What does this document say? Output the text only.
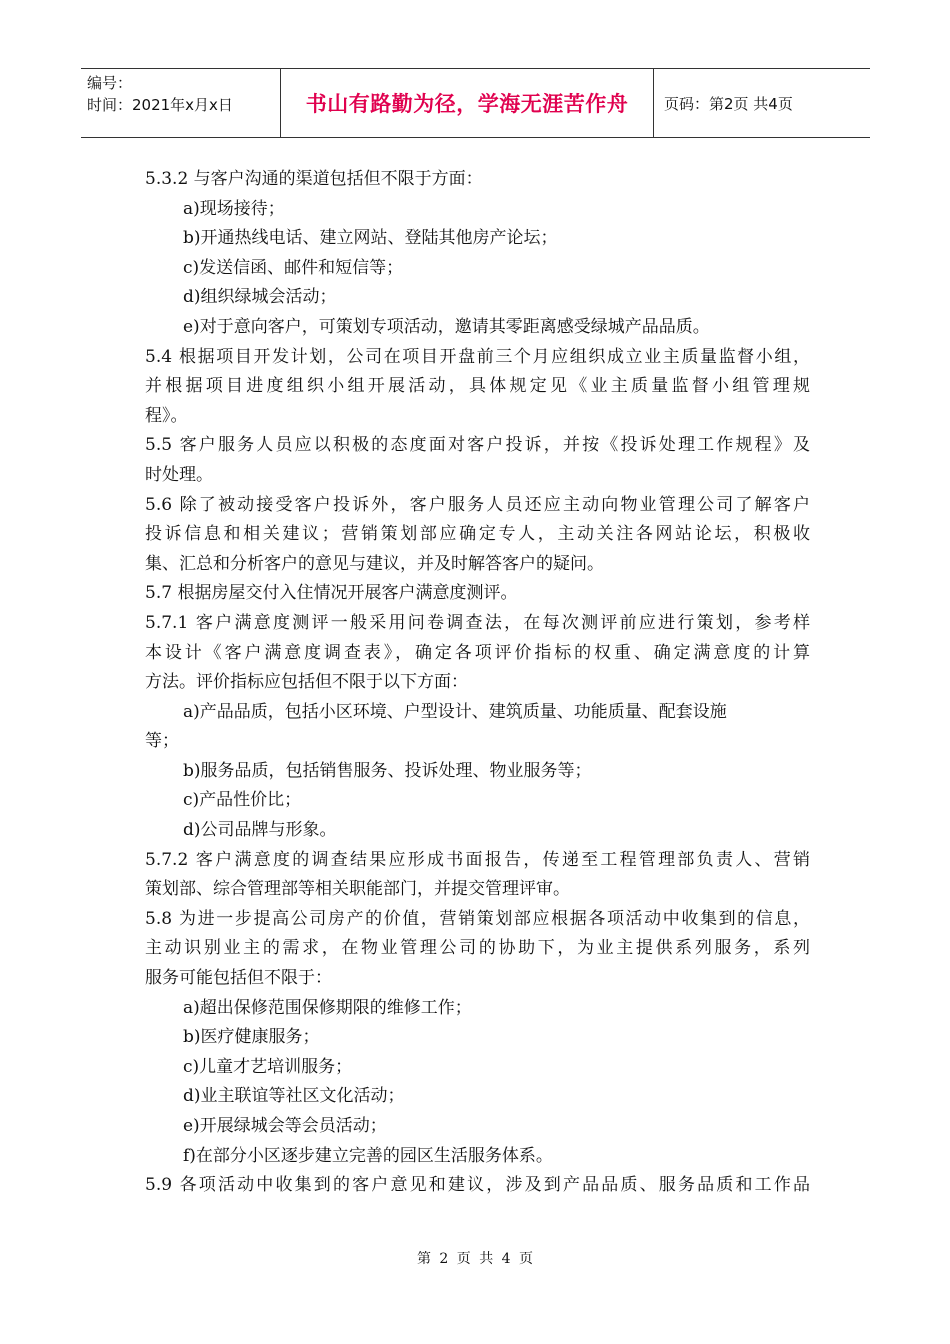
编号：
时间：2021年x月x日	书山有路勤为径，学海无涯苦作舟	页码：第2页 共4页
5.3.2 与客户沟通的渠道包括但不限于方面：
a)现场接待；
b)开通热线电话、建立网站、登陆其他房产论坛；
c)发送信函、邮件和短信等；
d)组织绿城会活动；
e)对于意向客户，可策划专项活动，邀请其零距离感受绿城产品品质。
5.4 根据项目开发计划，公司在项目开盘前三个月应组织成立业主质量监督小组，
并根据项目进度组织小组开展活动，具体规定见《业主质量监督小组管理规
程》。
5.5 客户服务人员应以积极的态度面对客户投诉，并按《投诉处理工作规程》及
时处理。
5.6 除了被动接受客户投诉外，客户服务人员还应主动向物业管理公司了解客户
投诉信息和相关建议；营销策划部应确定专人，主动关注各网站论坛，积极收
集、汇总和分析客户的意见与建议，并及时解答客户的疑问。
5.7 根据房屋交付入住情况开展客户满意度测评。
5.7.1 客户满意度测评一般采用问卷调查法，在每次测评前应进行策划，参考样
本设计《客户满意度调查表》，确定各项评价指标的权重、确定满意度的计算
方法。评价指标应包括但不限于以下方面：
a)产品品质，包括小区环境、户型设计、建筑质量、功能质量、配套设施
等；
b)服务品质，包括销售服务、投诉处理、物业服务等；
c)产品性价比；
d)公司品牌与形象。
5.7.2 客户满意度的调查结果应形成书面报告，传递至工程管理部负责人、营销
策划部、综合管理部等相关职能部门，并提交管理评审。
5.8 为进一步提高公司房产的价值，营销策划部应根据各项活动中收集到的信息，
主动识别业主的需求，在物业管理公司的协助下，为业主提供系列服务，系列
服务可能包括但不限于：
a)超出保修范围保修期限的维修工作；
b)医疗健康服务；
c)儿童才艺培训服务；
d)业主联谊等社区文化活动；
e)开展绿城会等会员活动；
f)在部分小区逐步建立完善的园区生活服务体系。
5.9 各项活动中收集到的客户意见和建议，涉及到产品品质、服务品质和工作品
第 2 页 共 4 页
